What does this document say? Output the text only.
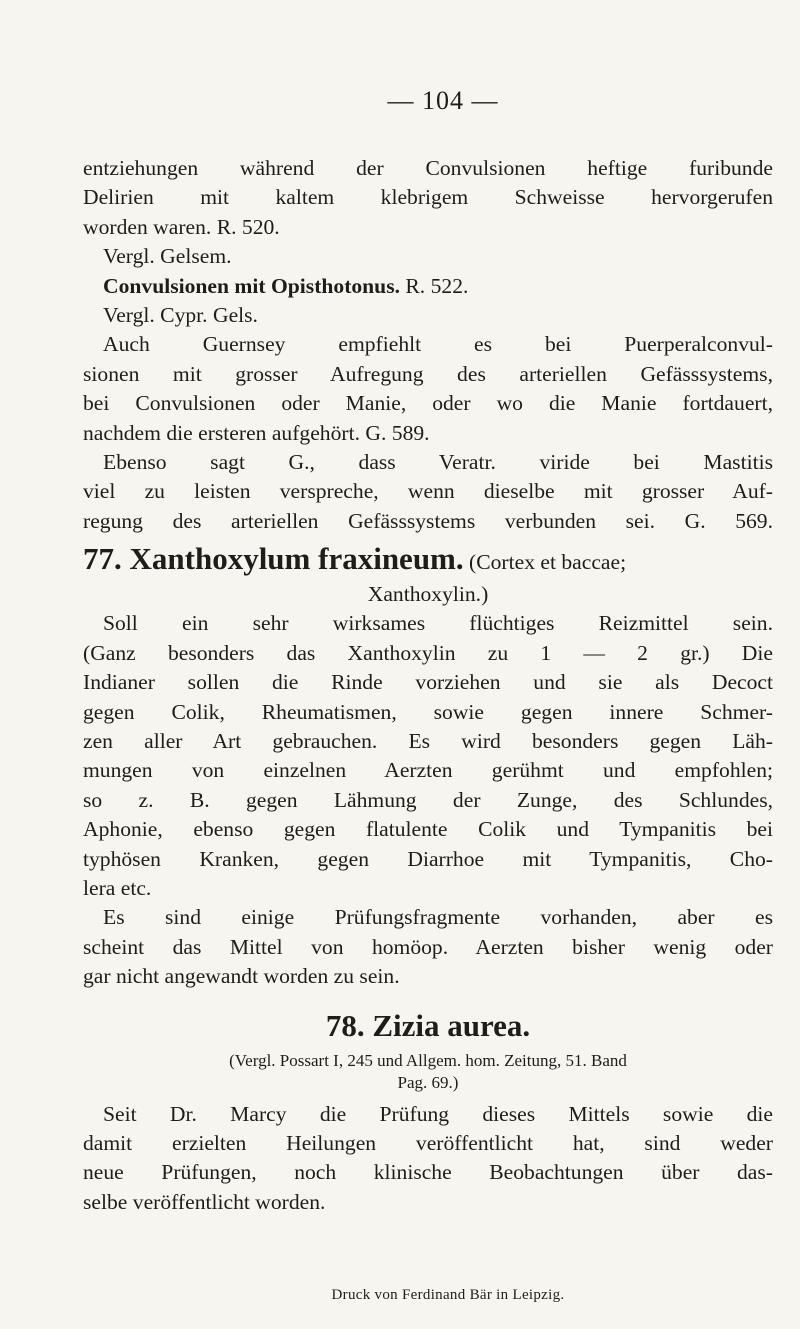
— 104 —

entziehungen während der Convulsionen heftige furibunde

Delirien mit kaltem klebrigem Schweisse hervorgerufen

worden waren. R. 520.

Vergl. Gelsem.

Convulsionen mit Opisthotonus. R. 522.

Vergl. Cypr. Gels.

Auch Guernsey empfiehlt es bei Puerperalconvul-

sionen mit grosser Aufregung des arteriellen Gefässsystems,

bei Convulsionen oder Manie, oder wo die Manie fortdauert,

nachdem die ersteren aufgehört. G. 589.

Ebenso sagt G., dass Veratr. viride bei Mastitis

viel zu leisten verspreche, wenn dieselbe mit grosser Auf-

regung des arteriellen Gefässsystems verbunden sei. G. 569.

77. Xanthoxylum fraxineum. (Cortex et baccae;

Xanthoxylin.)

Soll ein sehr wirksames flüchtiges Reizmittel sein.

(Ganz besonders das Xanthoxylin zu 1 — 2 gr.) Die

Indianer sollen die Rinde vorziehen und sie als Decoct

gegen Colik, Rheumatismen, sowie gegen innere Schmer-

zen aller Art gebrauchen. Es wird besonders gegen Läh-

mungen von einzelnen Aerzten gerühmt und empfohlen;

so z. B. gegen Lähmung der Zunge, des Schlundes,

Aphonie, ebenso gegen flatulente Colik und Tympanitis bei

typhösen Kranken, gegen Diarrhoe mit Tympanitis, Cho-

lera etc.

Es sind einige Prüfungsfragmente vorhanden, aber es

scheint das Mittel von homöop. Aerzten bisher wenig oder

gar nicht angewandt worden zu sein.

78. Zizia aurea.

(Vergl. Possart I, 245 und Allgem. hom. Zeitung, 51. Band

Pag. 69.)

Seit Dr. Marcy die Prüfung dieses Mittels sowie die

damit erzielten Heilungen veröffentlicht hat, sind weder

neue Prüfungen, noch klinische Beobachtungen über das-

selbe veröffentlicht worden.

Druck von Ferdinand Bär in Leipzig.
